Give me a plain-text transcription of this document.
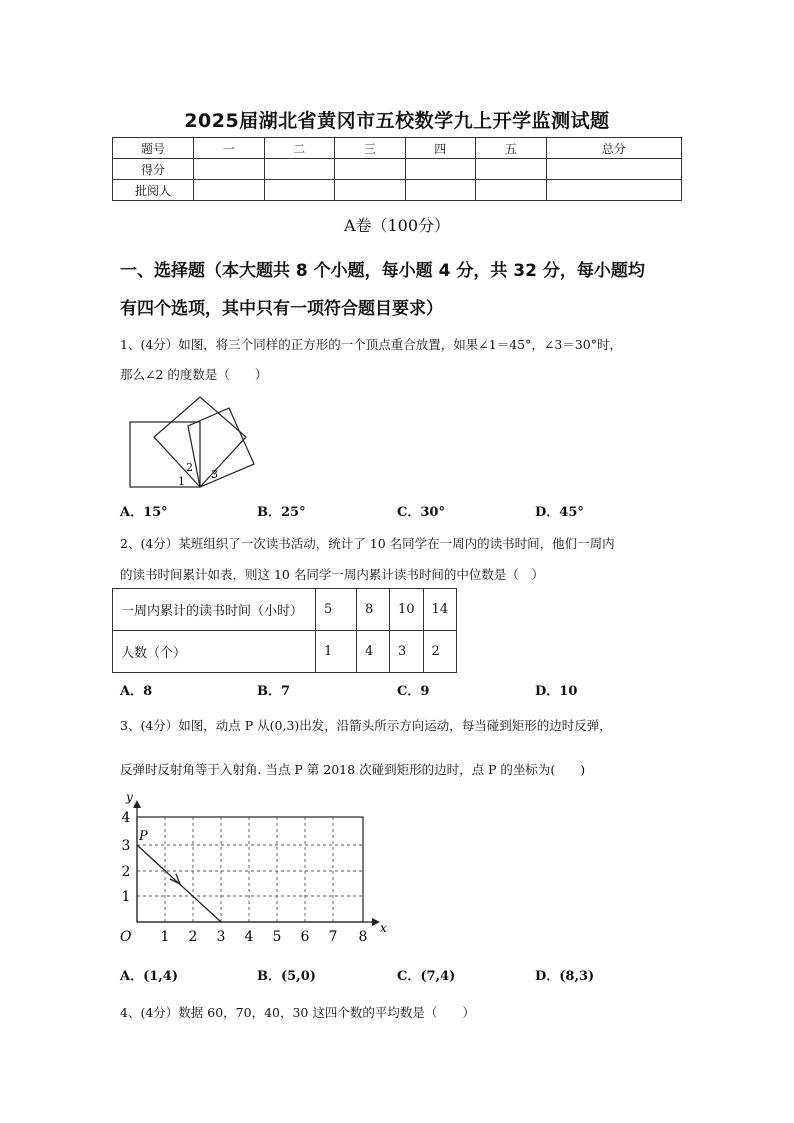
2025届湖北省黄冈市五校数学九上开学监测试题
题号	一	二	三	四	五	总分
得分						
批阅人						
A卷（100分）
一、选择题（本大题共 8 个小题，每小题 4 分，共 32 分，每小题均
有四个选项，其中只有一项符合题目要求）
1、(4分）如图，将三个同样的正方形的一个顶点重合放置，如果∠1＝45°，∠3＝30°时，
那么∠2 的度数是（　　）
1
2
3
A．15°	B．25°	C．30°	D．45°
2、(4分）某班组织了一次读书活动，统计了 10 名同学在一周内的读书时间，他们一周内
的读书时间累计如表，则这 10 名同学一周内累计读书时间的中位数是（　）
一周内累计的读书时间（小时）	5	8	10	14
人数（个）	1	4	3	2
A．8	B．7	C．9	D．10
3、(4分）如图，动点 P 从(0,3)出发，沿箭头所示方向运动，每当碰到矩形的边时反弹，
反弹时反射角等于入射角. 当点 P 第 2018 次碰到矩形的边时，点 P 的坐标为(　　)
y
x
O
P
1 2 3 4 5 6 7 8
1
2
3
4
A．(1,4)	B．(5,0)	C．(7,4)	D．(8,3)
4、(4分）数据 60，70，40，30 这四个数的平均数是（　　）
